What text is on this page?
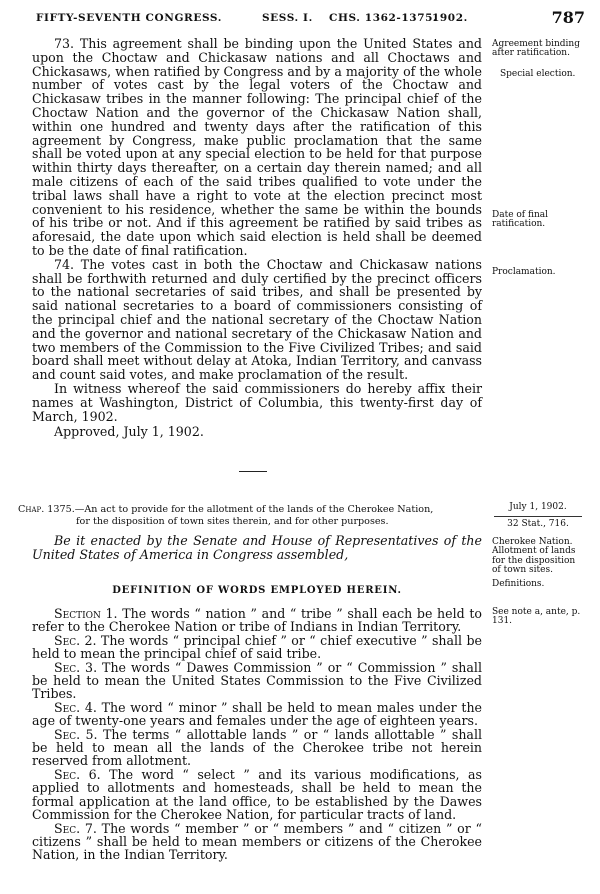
FIFTY-SEVENTH CONGRESS.	SESS. I. CHS. 1362-1375.
1902.	787

73. This agreement shall be binding upon the United States and upon the Choctaw and Chickasaw nations and all Choctaws and Chickasaws, when ratified by Congress and by a majority of the whole number of votes cast by the legal voters of the Choctaw and Chickasaw tribes in the manner following: The principal chief of the Choctaw Nation and the governor of the Chickasaw Nation shall, within one hundred and twenty days after the ratification of this agreement by Congress, make public proclamation that the same shall be voted upon at any special election to be held for that purpose within thirty days thereafter, on a certain day therein named; and all male citizens of each of the said tribes qualified to vote under the tribal laws shall have a right to vote at the election precinct most convenient to his residence, whether the same be within the bounds of his tribe or not. And if this agreement be ratified by said tribes as aforesaid, the date upon which said election is held shall be deemed to be the date of final ratification.

74. The votes cast in both the Choctaw and Chickasaw nations shall be forthwith returned and duly certified by the precinct officers to the national secretaries of said tribes, and shall be presented by said national secretaries to a board of commissioners consisting of the principal chief and the national secretary of the Choctaw Nation and the governor and national secretary of the Chickasaw Nation and two members of the Commission to the Five Civilized Tribes; and said board shall meet without delay at Atoka, Indian Territory, and canvass and count said votes, and make proclamation of the result.

In witness whereof the said commissioners do hereby affix their names at Washington, District of Columbia, this twenty-first day of March, 1902.

Approved, July 1, 1902.

Chap. 1375.—An act to provide for the allotment of the lands of the Cherokee Nation,
for the disposition of town sites therein, and for other purposes.
Be it enacted by the Senate and House of Representatives of the United States of America in Congress assembled,
DEFINITION OF WORDS EMPLOYED HEREIN.

Section 1. The words “ nation ” and “ tribe ” shall each be held to refer to the Cherokee Nation or tribe of Indians in Indian Territory.

Sec. 2. The words “ principal chief ” or “ chief executive ” shall be held to mean the principal chief of said tribe.

Sec. 3. The words “ Dawes Commission ” or “ Commission ” shall be held to mean the United States Commission to the Five Civilized Tribes.

Sec. 4. The word “ minor ” shall be held to mean males under the age of twenty-one years and females under the age of eighteen years.

Sec. 5. The terms “ allottable lands ” or “ lands allottable ” shall be held to mean all the lands of the Cherokee tribe not herein reserved from allotment.

Sec. 6. The word “ select ” and its various modifications, as applied to allotments and homesteads, shall be held to mean the formal application at the land office, to be established by the Dawes Commission for the Cherokee Nation, for particular tracts of land.

Sec. 7. The words “ member ” or “ members ” and “ citizen ” or “ citizens ” shall be held to mean members or citizens of the Cherokee Nation, in the Indian Territory.

Agreement binding after ratification.
Special election.
Date of final ratification.
Proclamation.
July 1, 1902.
32 Stat., 716.
Cherokee Nation. Allotment of lands for the disposition of town sites.
Definitions.
See note a, ante, p. 131.
